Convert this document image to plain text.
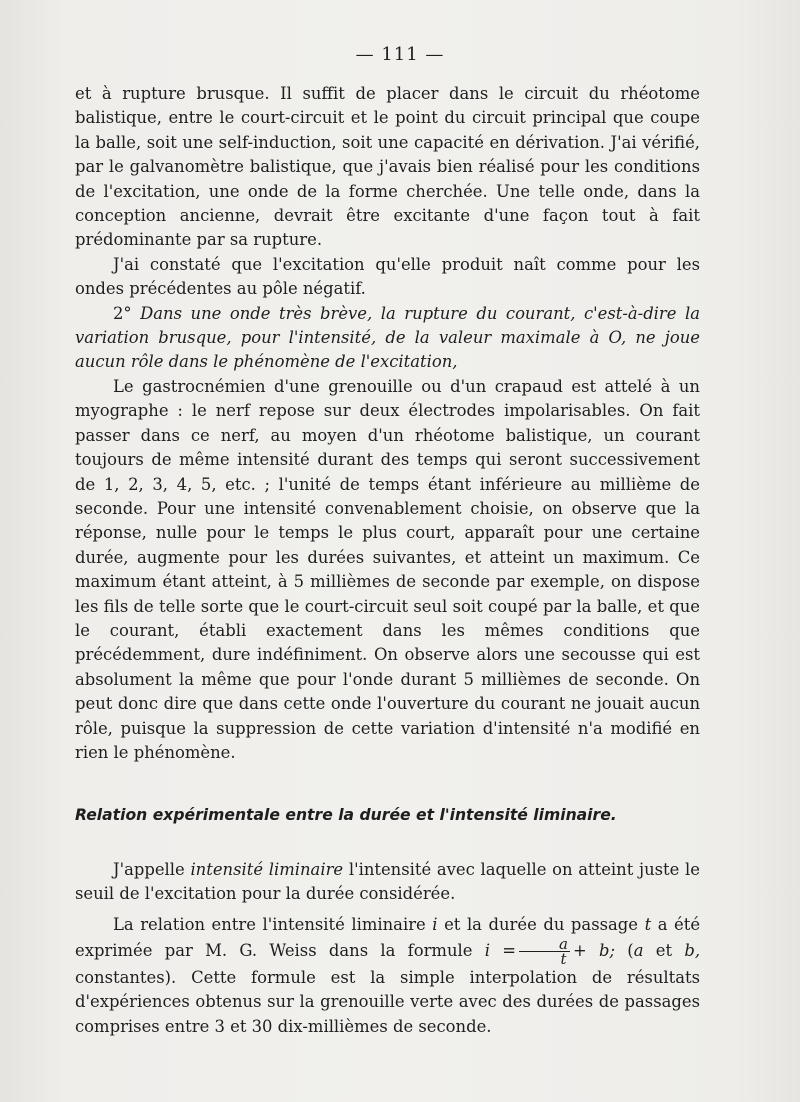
— 111 —

et à rupture brusque. Il suffit de placer dans le circuit du rhéotome balistique, entre le court-circuit et le point du circuit principal que coupe la balle, soit une self-induction, soit une capacité en dérivation. J'ai vérifié, par le galvanomètre balistique, que j'avais bien réalisé pour les conditions de l'excitation, une onde de la forme cherchée. Une telle onde, dans la conception ancienne, devrait être excitante d'une façon tout à fait prédominante par sa rupture.

J'ai constaté que l'excitation qu'elle produit naît comme pour les ondes précédentes au pôle négatif.

2° Dans une onde très brève, la rupture du courant, c'est-à-dire la variation brusque, pour l'intensité, de la valeur maximale à O, ne joue aucun rôle dans le phénomène de l'excitation,

Le gastrocnémien d'une grenouille ou d'un crapaud est attelé à un myographe : le nerf repose sur deux électrodes impolarisables. On fait passer dans ce nerf, au moyen d'un rhéotome balistique, un courant toujours de même intensité durant des temps qui seront successivement de 1, 2, 3, 4, 5, etc. ; l'unité de temps étant inférieure au millième de seconde. Pour une intensité convenablement choisie, on observe que la réponse, nulle pour le temps le plus court, apparaît pour une certaine durée, augmente pour les durées suivantes, et atteint un maximum. Ce maximum étant atteint, à 5 millièmes de seconde par exemple, on dispose les fils de telle sorte que le court-circuit seul soit coupé par la balle, et que le courant, établi exactement dans les mêmes conditions que précédemment, dure indéfiniment. On observe alors une secousse qui est absolument la même que pour l'onde durant 5 millièmes de seconde. On peut donc dire que dans cette onde l'ouverture du courant ne jouait aucun rôle, puisque la suppression de cette variation d'intensité n'a modifié en rien le phénomène.

Relation expérimentale entre la durée et l'intensité liminaire.

J'appelle intensité liminaire l'intensité avec laquelle on atteint juste le seuil de l'excitation pour la durée considérée.

La relation entre l'intensité liminaire i et la durée du passage t a été exprimée par M. G. Weiss dans la formule $i = \frac{a}{t} + b$; (a et b, constantes). Cette formule est la simple interpolation de résultats d'expériences obtenus sur la grenouille verte avec des durées de passages comprises entre 3 et 30 dix-millièmes de seconde.
